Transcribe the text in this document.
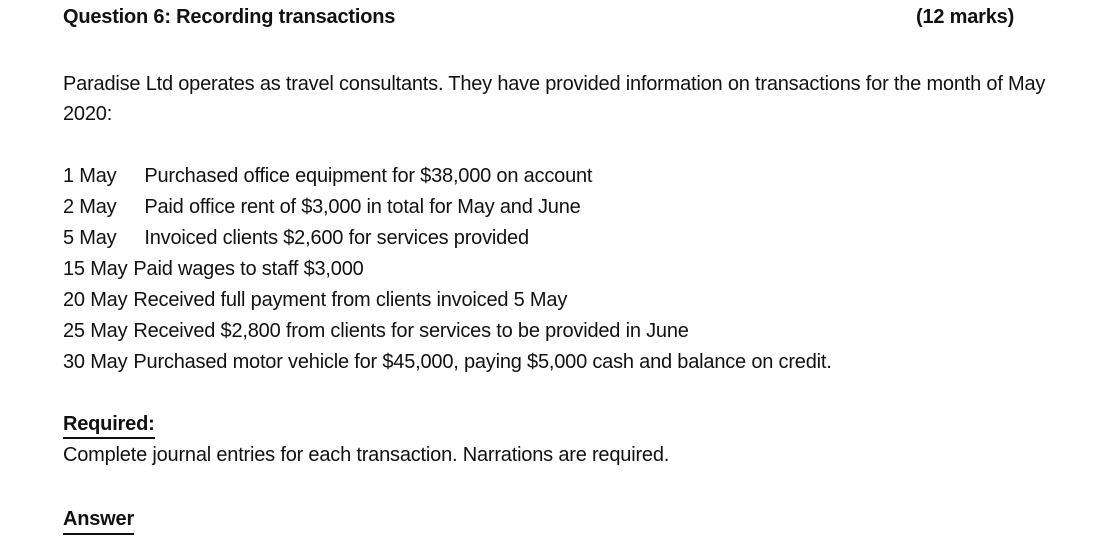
Question 6: Recording transactions	(12 marks)
Paradise Ltd operates as travel consultants. They have provided information on transactions for the month of May 2020:
1 May Purchased office equipment for $38,000 on account
2 May Paid office rent of $3,000 in total for May and June
5 May Invoiced clients $2,600 for services provided
15 May Paid wages to staff $3,000
20 May Received full payment from clients invoiced 5 May
25 May Received $2,800 from clients for services to be provided in June
30 May Purchased motor vehicle for $45,000, paying $5,000 cash and balance on credit.
Required:
Complete journal entries for each transaction. Narrations are required.
Answer
